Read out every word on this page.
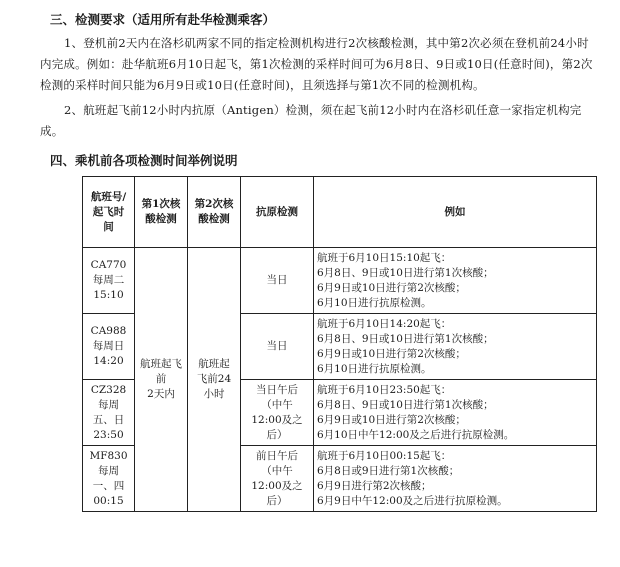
三、检测要求（适用所有赴华检测乘客）
1、登机前2天内在洛杉矶两家不同的指定检测机构进行2次核酸检测，其中第2次必须在登机前24小时内完成。例如：赴华航班6月10日起飞，第1次检测的采样时间可为6月8日、9日或10日(任意时间)，第2次检测的采样时间只能为6月9日或10日(任意时间)，且须选择与第1次不同的检测机构。
2、航班起飞前12小时内抗原（Antigen）检测，须在起飞前12小时内在洛杉矶任意一家指定机构完成。
四、乘机前各项检测时间举例说明
航班号/
起飞时
间	第1次核
酸检测	第2次核
酸检测	抗原检测	例如

CA770
每周二
15:10	航班起飞
前
2天内	航班起
飞前24
小时	当日	航班于6月10日15:10起飞：
6月8日、9日或10日进行第1次核酸；
6月9日或10日进行第2次核酸；
6月10日进行抗原检测。

CA988
每周日
14:20			当日	航班于6月10日14:20起飞：
6月8日、9日或10日进行第1次核酸；
6月9日或10日进行第2次核酸；
6月10日进行抗原检测。

CZ328
每周
五、日
23:50			当日午后
（中午
12:00及之
后）	航班于6月10日23:50起飞：
6月8日、9日或10日进行第1次核酸；
6月9日或10日进行第2次核酸；
6月10日中午12:00及之后进行抗原检测。

MF830
每周
一、四
00:15			前日午后
（中午
12:00及之
后）	航班于6月10日00:15起飞：
6月8日或9日进行第1次核酸；
6月9日进行第2次核酸；
6月9日中午12:00及之后进行抗原检测。
